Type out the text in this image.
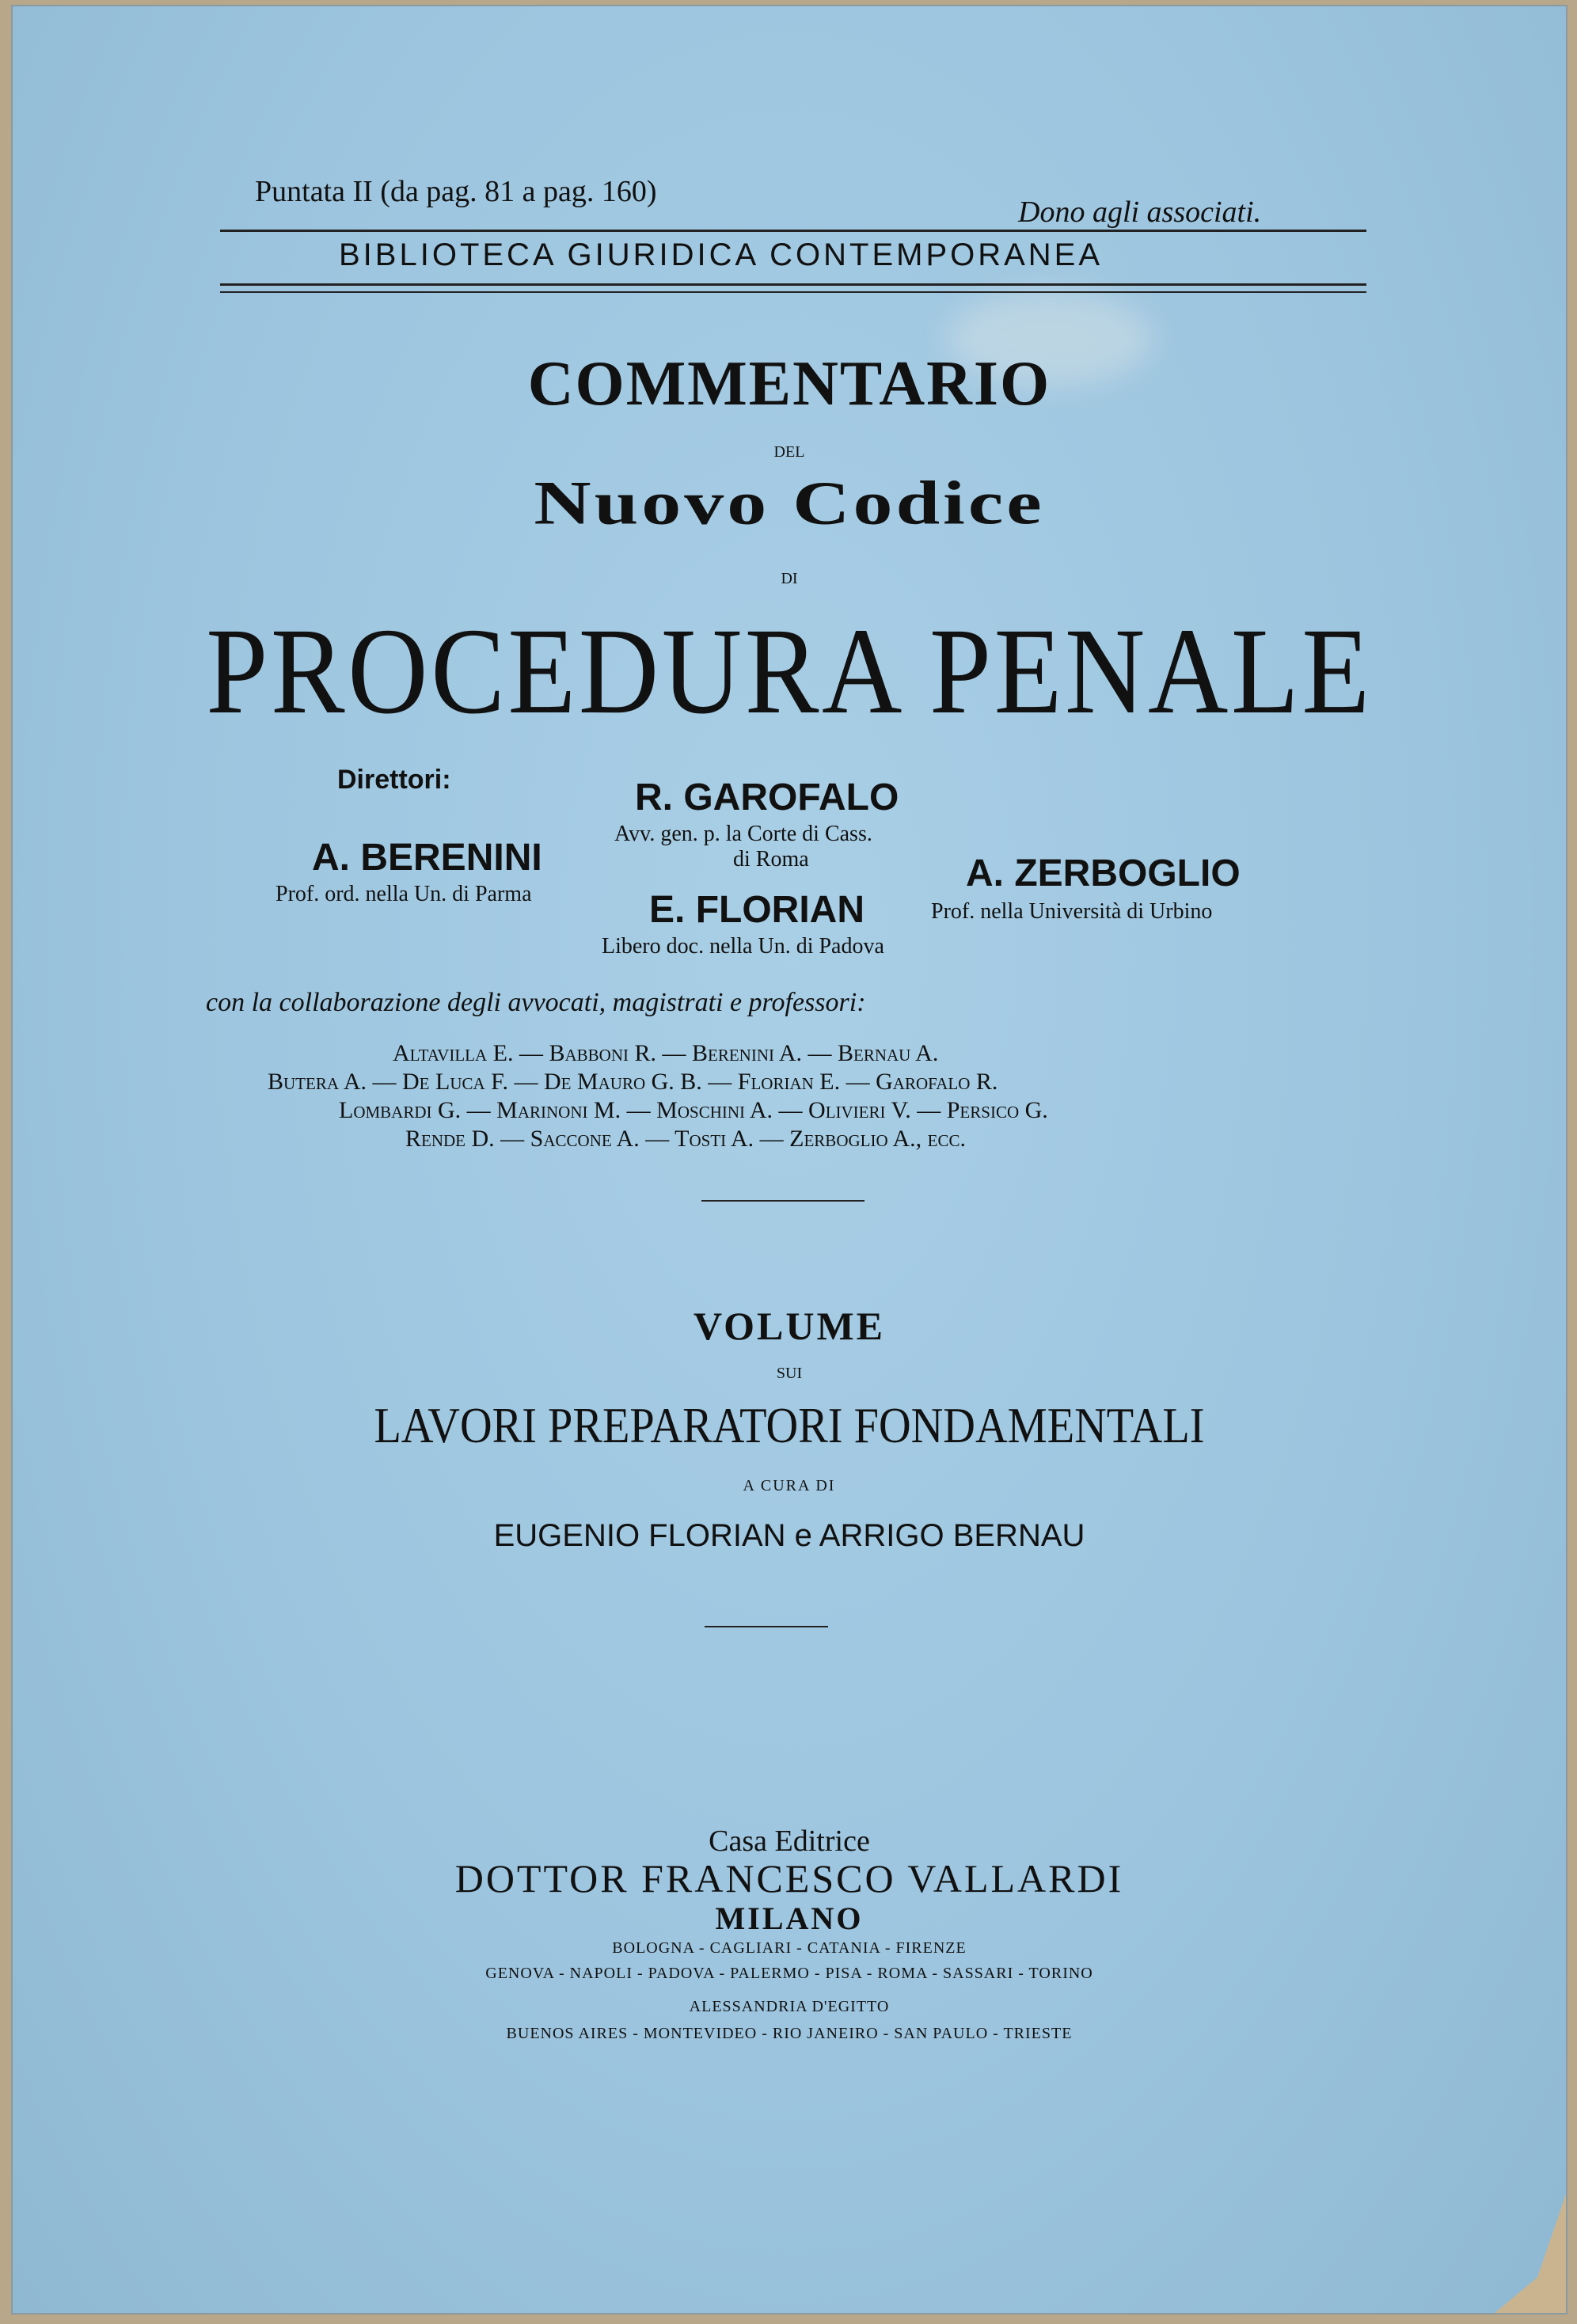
Puntata II (da pag. 81 a pag. 160)
Dono agli associati.
BIBLIOTECA GIURIDICA CONTEMPORANEA
COMMENTARIO
DEL
Nuovo Codice
DI
PROCEDURA PENALE
Direttori:	R. GAROFALO
Avv. gen. p. la Corte di Cass.
di Roma
A. BERENINI
Prof. ord. nella Un. di Parma	A. ZERBOGLIO
Prof. nella Università di Urbino
E. FLORIAN
Libero doc. nella Un. di Padova
con la collaborazione degli avvocati, magistrati e professori:
Altavilla E. — Babboni R. — Berenini A. — Bernau A.
Butera A. — De Luca F. — De Mauro G. B. — Florian E. — Garofalo R.
Lombardi G. — Marinoni M. — Moschini A. — Olivieri V. — Persico G.
Rende D. — Saccone A. — Tosti A. — Zerboglio A., ecc.
VOLUME
SUI
LAVORI PREPARATORI FONDAMENTALI
A CURA DI
EUGENIO FLORIAN e ARRIGO BERNAU
Casa Editrice
DOTTOR FRANCESCO VALLARDI
MILANO
BOLOGNA - CAGLIARI - CATANIA - FIRENZE
GENOVA - NAPOLI - PADOVA - PALERMO - PISA - ROMA - SASSARI - TORINO
ALESSANDRIA D'EGITTO
BUENOS AIRES - MONTEVIDEO - RIO JANEIRO - SAN PAULO - TRIESTE
